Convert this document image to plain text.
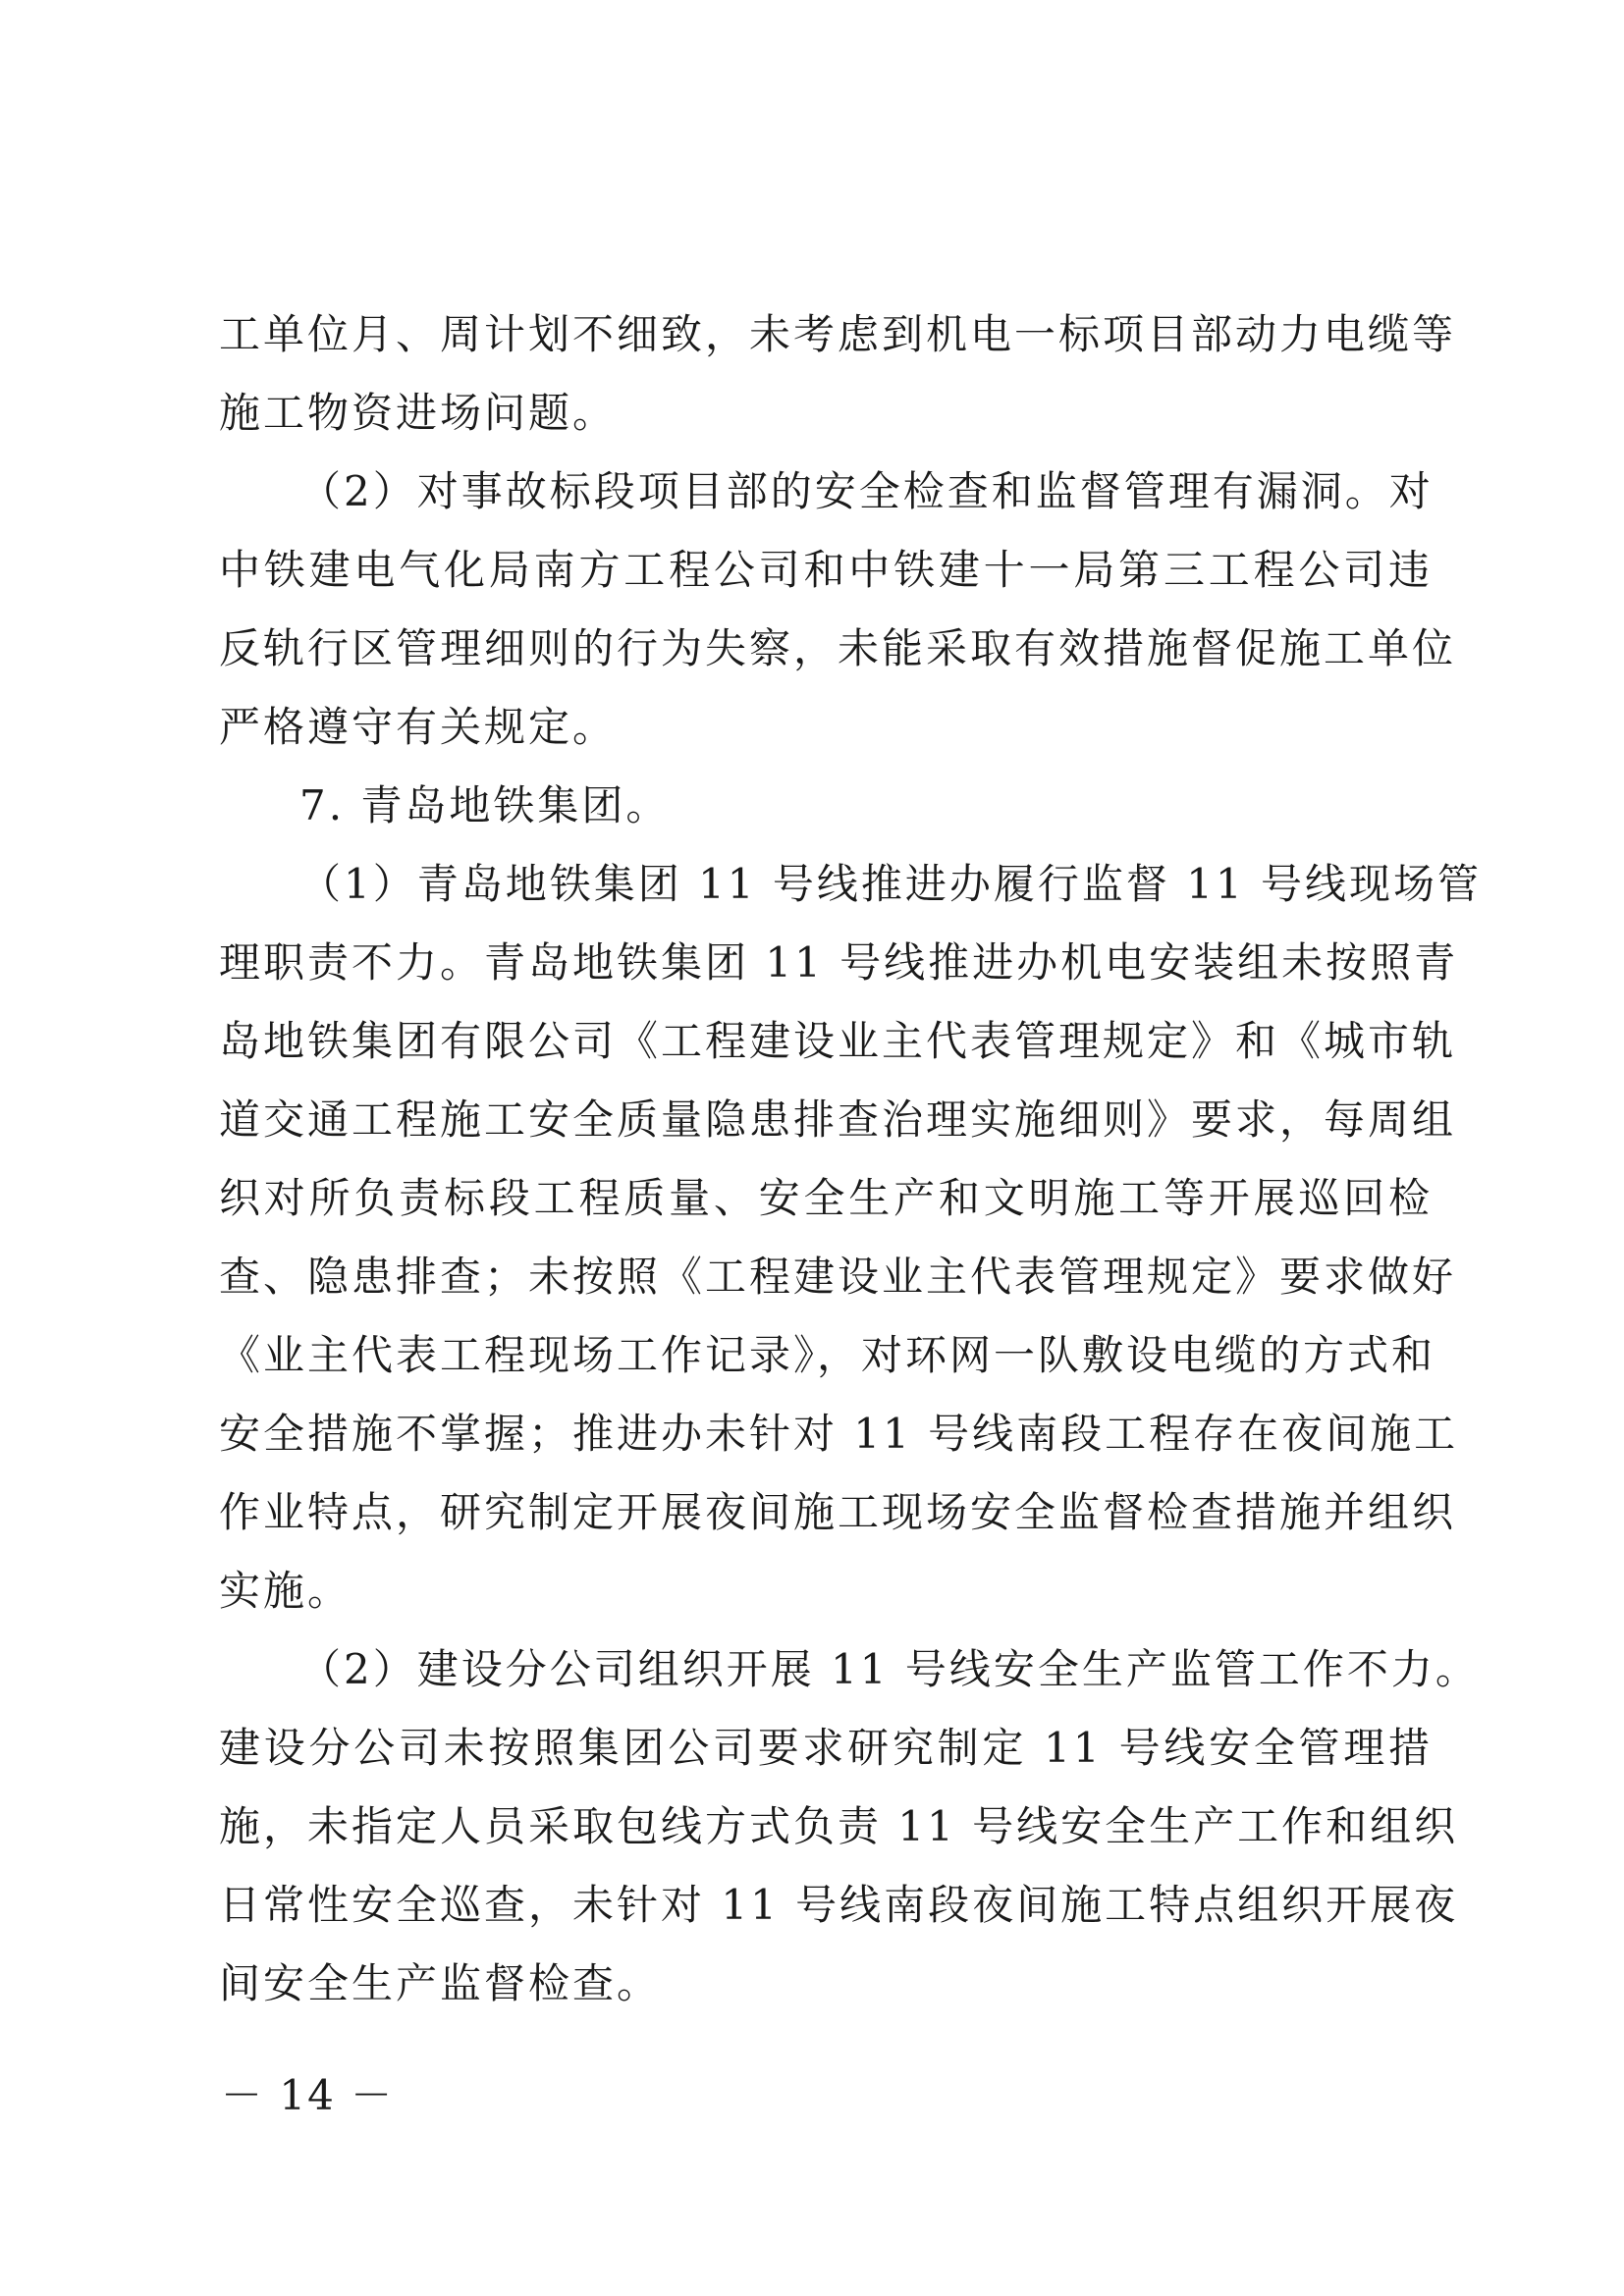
工单位月、周计划不细致，未考虑到机电一标项目部动力电缆等
施工物资进场问题。
（2）对事故标段项目部的安全检查和监督管理有漏洞。对
中铁建电气化局南方工程公司和中铁建十一局第三工程公司违
反轨行区管理细则的行为失察，未能采取有效措施督促施工单位
严格遵守有关规定。
7. 青岛地铁集团。
（1）青岛地铁集团 11 号线推进办履行监督 11 号线现场管
理职责不力。青岛地铁集团 11 号线推进办机电安装组未按照青
岛地铁集团有限公司《工程建设业主代表管理规定》和《城市轨
道交通工程施工安全质量隐患排查治理实施细则》要求，每周组
织对所负责标段工程质量、安全生产和文明施工等开展巡回检
查、隐患排查；未按照《工程建设业主代表管理规定》要求做好
《业主代表工程现场工作记录》，对环网一队敷设电缆的方式和
安全措施不掌握；推进办未针对 11 号线南段工程存在夜间施工
作业特点，研究制定开展夜间施工现场安全监督检查措施并组织
实施。
（2）建设分公司组织开展 11 号线安全生产监管工作不力。
建设分公司未按照集团公司要求研究制定 11 号线安全管理措
施，未指定人员采取包线方式负责 11 号线安全生产工作和组织
日常性安全巡查，未针对 11 号线南段夜间施工特点组织开展夜
间安全生产监督检查。
－ 14 －
